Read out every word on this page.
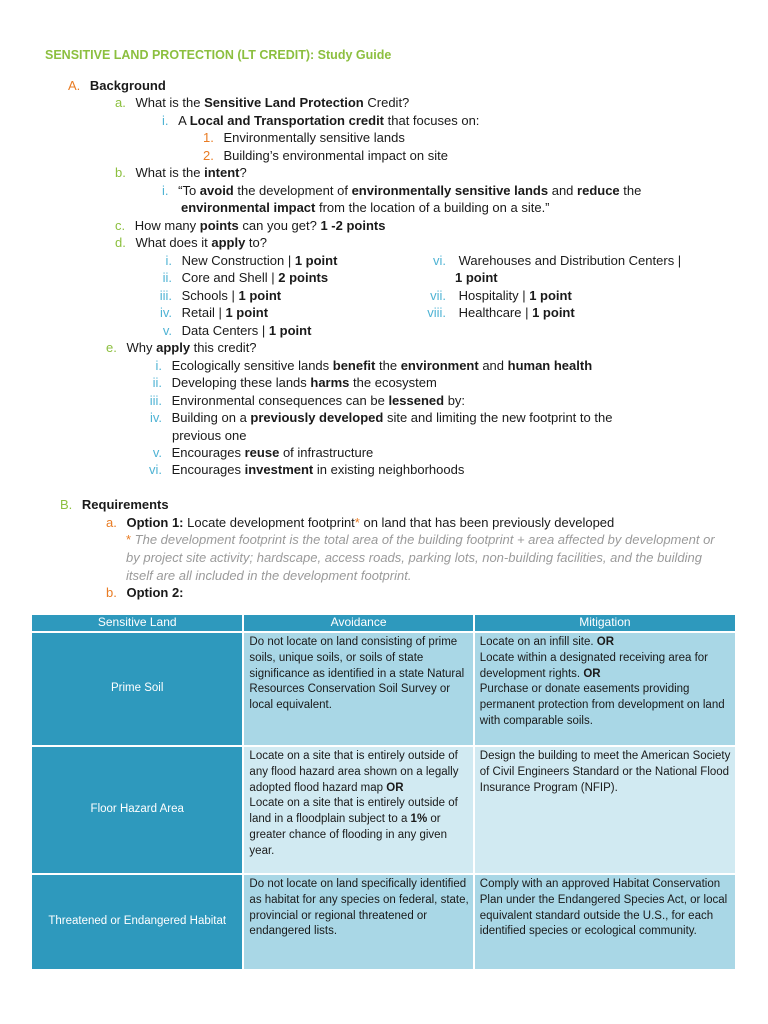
SENSITIVE LAND PROTECTION (LT CREDIT): Study Guide
A. Background
a. What is the Sensitive Land Protection Credit?
i. A Local and Transportation credit that focuses on:
1. Environmentally sensitive lands
2. Building’s environmental impact on site
b. What is the intent?
i. “To avoid the development of environmentally sensitive lands and reduce the
environmental impact from the location of a building on a site.”
c. How many points can you get? 1 -2 points
d. What does it apply to?
i. New Construction | 1 point
ii. Core and Shell | 2 points
iii. Schools | 1 point
iv. Retail | 1 point
v. Data Centers | 1 point
vi. Warehouses and Distribution Centers |
1 point
vii. Hospitality | 1 point
viii. Healthcare | 1 point
e. Why apply this credit?
i. Ecologically sensitive lands benefit the environment and human health
ii. Developing these lands harms the ecosystem
iii. Environmental consequences can be lessened by:
iv. Building on a previously developed site and limiting the new footprint to the
previous one
v. Encourages reuse of infrastructure
vi. Encourages investment in existing neighborhoods
B. Requirements
a. Option 1: Locate development footprint* on land that has been previously developed
* The development footprint is the total area of the building footprint + area affected by development or by project site activity; hardscape, access roads, parking lots, non-building facilities, and the building itself are all included in the development footprint.
b. Option 2:
Sensitive Land	Avoidance	Mitigation
Prime Soil	Do not locate on land consisting of prime soils, unique soils, or soils of state significance as identified in a state Natural Resources Conservation Soil Survey or local equivalent.	Locate on an infill site. OR
Locate within a designated receiving area for development rights. OR
Purchase or donate easements providing permanent protection from development on land with comparable soils.
Floor Hazard Area	Locate on a site that is entirely outside of any flood hazard area shown on a legally adopted flood hazard map OR
Locate on a site that is entirely outside of land in a floodplain subject to a 1% or greater chance of flooding in any given year.	Design the building to meet the American Society of Civil Engineers Standard or the National Flood Insurance Program (NFIP).
Threatened or Endangered Habitat	Do not locate on land specifically identified as habitat for any species on federal, state, provincial or regional threatened or endangered lists.	Comply with an approved Habitat Conservation Plan under the Endangered Species Act, or local equivalent standard outside the U.S., for each identified species or ecological community.
